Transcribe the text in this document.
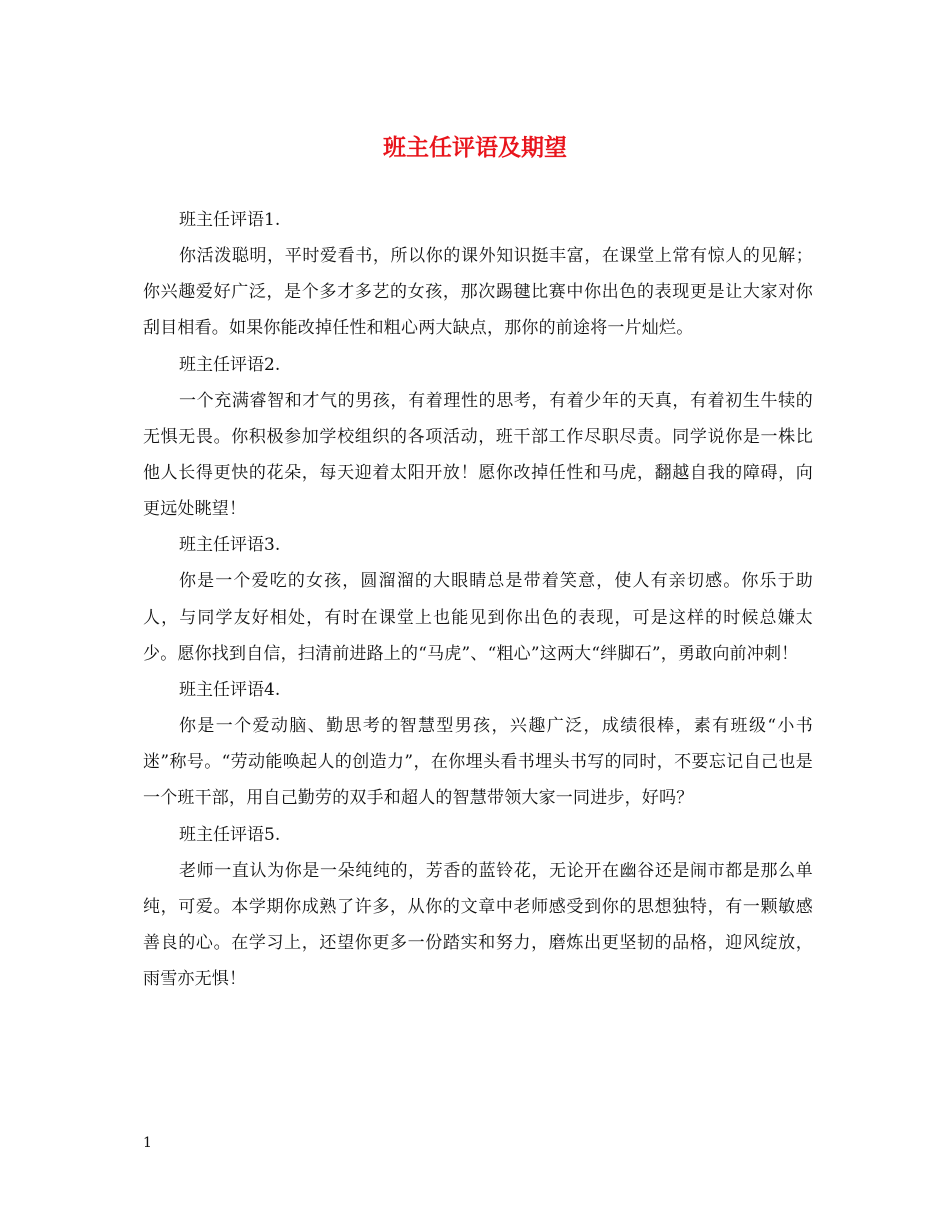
班主任评语及期望

班主任评语1.

你活泼聪明，平时爱看书，所以你的课外知识挺丰富，在课堂上常有惊人的见解；你兴趣爱好广泛，是个多才多艺的女孩，那次踢毽比赛中你出色的表现更是让大家对你刮目相看。如果你能改掉任性和粗心两大缺点，那你的前途将一片灿烂。

班主任评语2.

一个充满睿智和才气的男孩，有着理性的思考，有着少年的天真，有着初生牛犊的无惧无畏。你积极参加学校组织的各项活动，班干部工作尽职尽责。同学说你是一株比他人长得更快的花朵，每天迎着太阳开放！愿你改掉任性和马虎，翻越自我的障碍，向更远处眺望！

班主任评语3.

你是一个爱吃的女孩，圆溜溜的大眼睛总是带着笑意，使人有亲切感。你乐于助人，与同学友好相处，有时在课堂上也能见到你出色的表现，可是这样的时候总嫌太少。愿你找到自信，扫清前进路上的“马虎”、“粗心”这两大“绊脚石”，勇敢向前冲刺！

班主任评语4.

你是一个爱动脑、勤思考的智慧型男孩，兴趣广泛，成绩很棒，素有班级“小书迷”称号。“劳动能唤起人的创造力”，在你埋头看书埋头书写的同时，不要忘记自己也是一个班干部，用自己勤劳的双手和超人的智慧带领大家一同进步，好吗？

班主任评语5.

老师一直认为你是一朵纯纯的，芳香的蓝铃花，无论开在幽谷还是闹市都是那么单纯，可爱。本学期你成熟了许多，从你的文章中老师感受到你的思想独特，有一颗敏感善良的心。在学习上，还望你更多一份踏实和努力，磨炼出更坚韧的品格，迎风绽放，雨雪亦无惧！

1
